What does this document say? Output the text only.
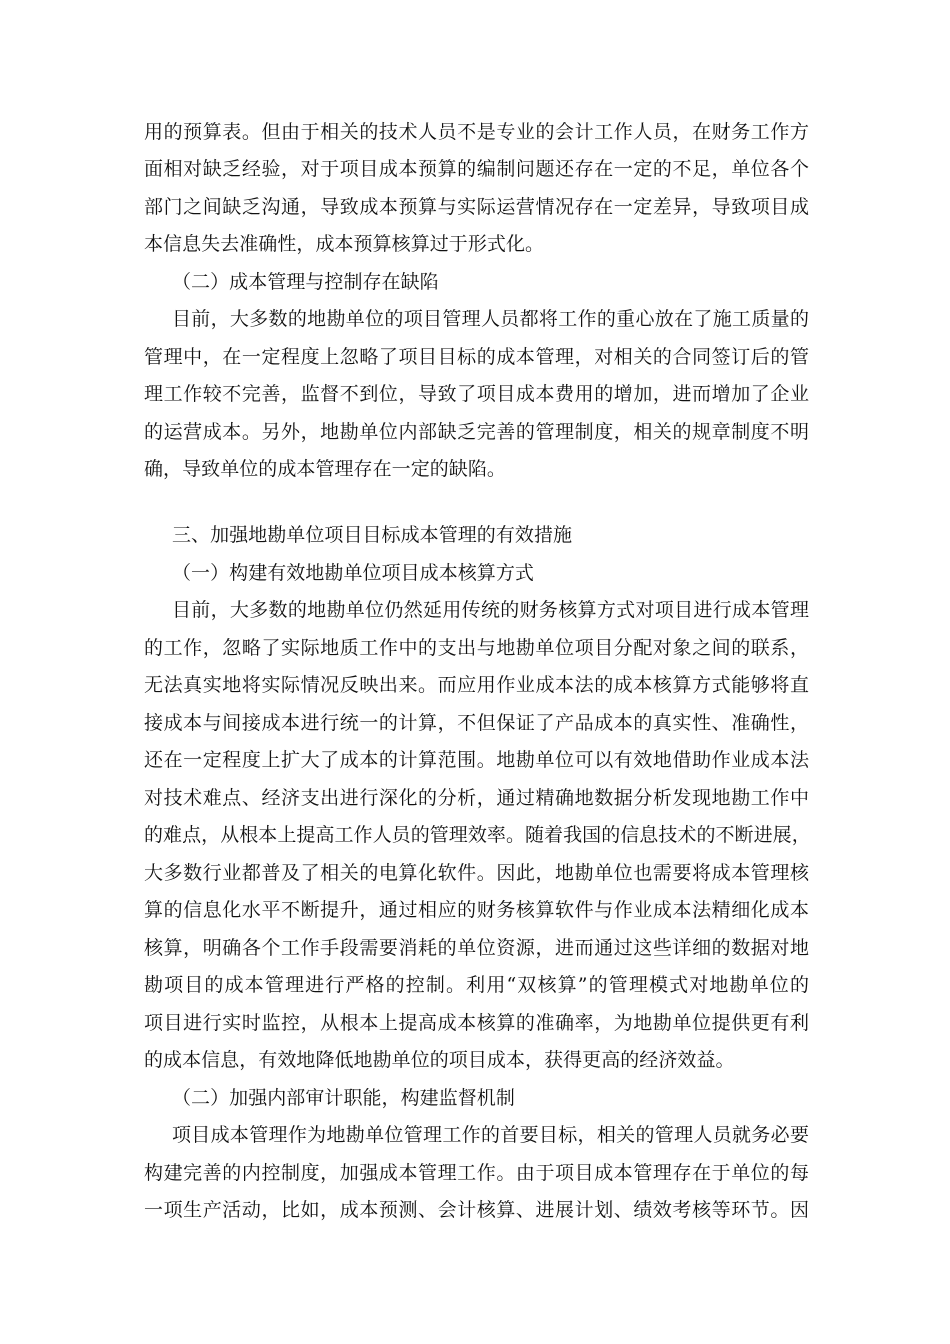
用的预算表。但由于相关的技术人员不是专业的会计工作人员，在财务工作方
面相对缺乏经验，对于项目成本预算的编制问题还存在一定的不足，单位各个
部门之间缺乏沟通，导致成本预算与实际运营情况存在一定差异，导致项目成
本信息失去准确性，成本预算核算过于形式化。
（二）成本管理与控制存在缺陷
目前，大多数的地勘单位的项目管理人员都将工作的重心放在了施工质量的
管理中，在一定程度上忽略了项目目标的成本管理，对相关的合同签订后的管
理工作较不完善，监督不到位，导致了项目成本费用的增加，进而增加了企业
的运营成本。另外，地勘单位内部缺乏完善的管理制度，相关的规章制度不明
确，导致单位的成本管理存在一定的缺陷。
三、加强地勘单位项目目标成本管理的有效措施
（一）构建有效地勘单位项目成本核算方式
目前，大多数的地勘单位仍然延用传统的财务核算方式对项目进行成本管理
的工作，忽略了实际地质工作中的支出与地勘单位项目分配对象之间的联系，
无法真实地将实际情况反映出来。而应用作业成本法的成本核算方式能够将直
接成本与间接成本进行统一的计算，不但保证了产品成本的真实性、准确性，
还在一定程度上扩大了成本的计算范围。地勘单位可以有效地借助作业成本法
对技术难点、经济支出进行深化的分析，通过精确地数据分析发现地勘工作中
的难点，从根本上提高工作人员的管理效率。随着我国的信息技术的不断进展，
大多数行业都普及了相关的电算化软件。因此，地勘单位也需要将成本管理核
算的信息化水平不断提升，通过相应的财务核算软件与作业成本法精细化成本
核算，明确各个工作手段需要消耗的单位资源，进而通过这些详细的数据对地
勘项目的成本管理进行严格的控制。利用“双核算”的管理模式对地勘单位的
项目进行实时监控，从根本上提高成本核算的准确率，为地勘单位提供更有利
的成本信息，有效地降低地勘单位的项目成本，获得更高的经济效益。
（二）加强内部审计职能，构建监督机制
项目成本管理作为地勘单位管理工作的首要目标，相关的管理人员就务必要
构建完善的内控制度，加强成本管理工作。由于项目成本管理存在于单位的每
一项生产活动，比如，成本预测、会计核算、进展计划、绩效考核等环节。因
